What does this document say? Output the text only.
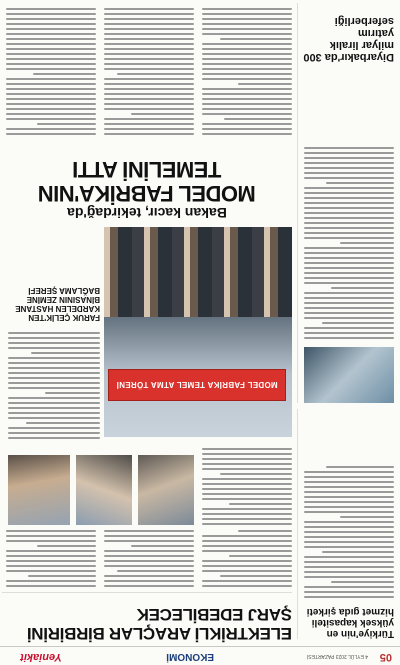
05
4 EYLÜL 2023 PAZARTESİ
EKONOMİ
Yeniakit

ELEKTRİKLİ ARAÇLAR BİRBİRİNİ ŞARJ EDEBİLECEK

Türkiye'nin en yüksek kapasiteli hizmet gıda şirketi

FARUK ÇELİK'TEN KARDELEN HASTANE BİNASININ ZEMİNE BAĞLAMA ŞEREFİ

MODEL FABRİKA TEMEL ATMA TÖRENİ

Bakan kacır, tekirdağ'da

MODEL FABRİKA'NIN

TEMELİNİ ATTI

Diyarbakır'da 300 milyar liralık yatırım seferberliği
